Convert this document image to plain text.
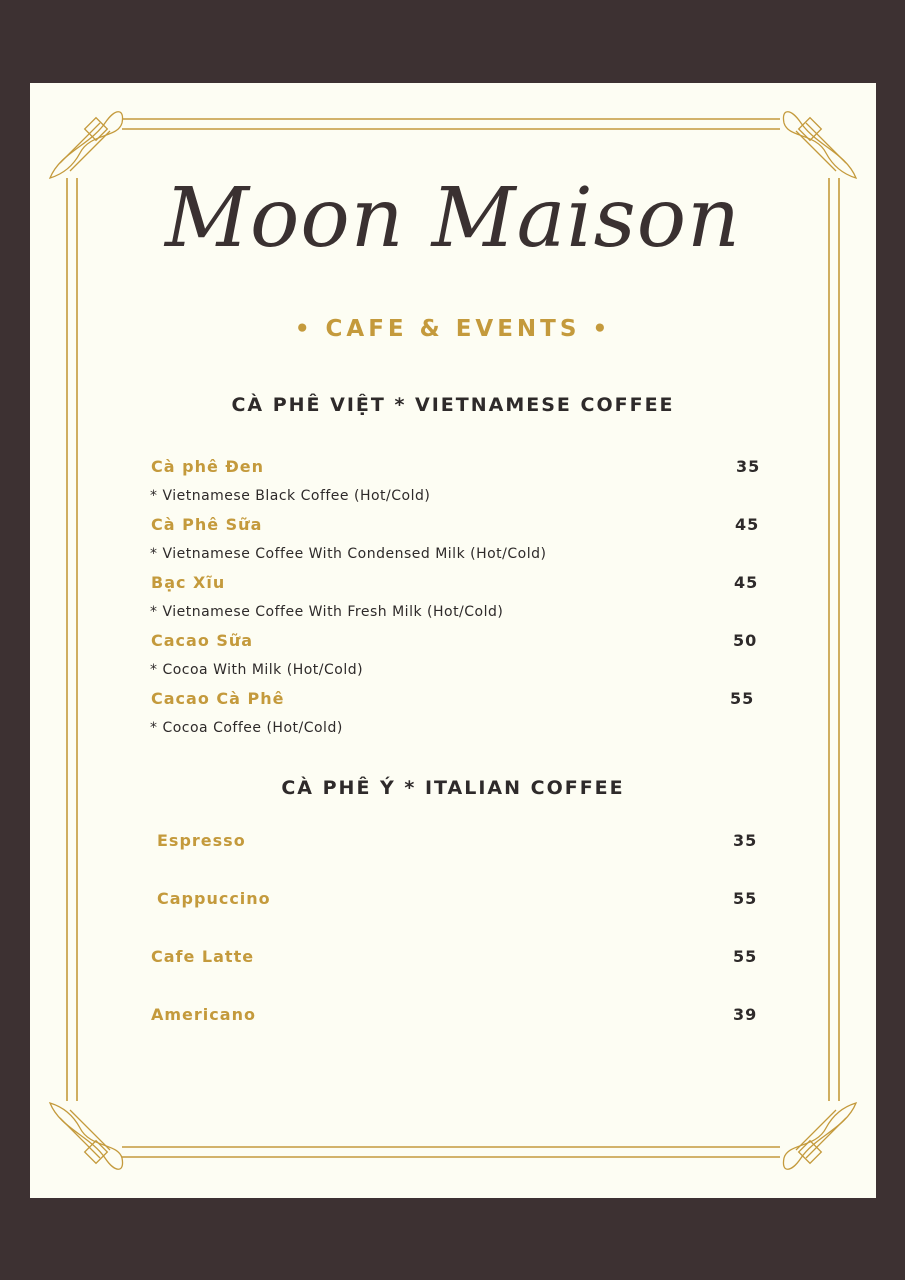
Moon Maison
• CAFE & EVENTS •
CÀ PHÊ VIỆT * VIETNAMESE COFFEE
Cà phê Đen	35
* Vietnamese Black Coffee (Hot/Cold)
Cà Phê Sữa	45
* Vietnamese Coffee With Condensed Milk (Hot/Cold)
Bạc Xĩu	45
* Vietnamese Coffee With Fresh Milk (Hot/Cold)
Cacao Sữa	50
* Cocoa With Milk (Hot/Cold)
Cacao Cà Phê	55
* Cocoa Coffee (Hot/Cold)
CÀ PHÊ Ý * ITALIAN COFFEE
Espresso	35
Cappuccino	55
Cafe Latte	55
Americano	39
